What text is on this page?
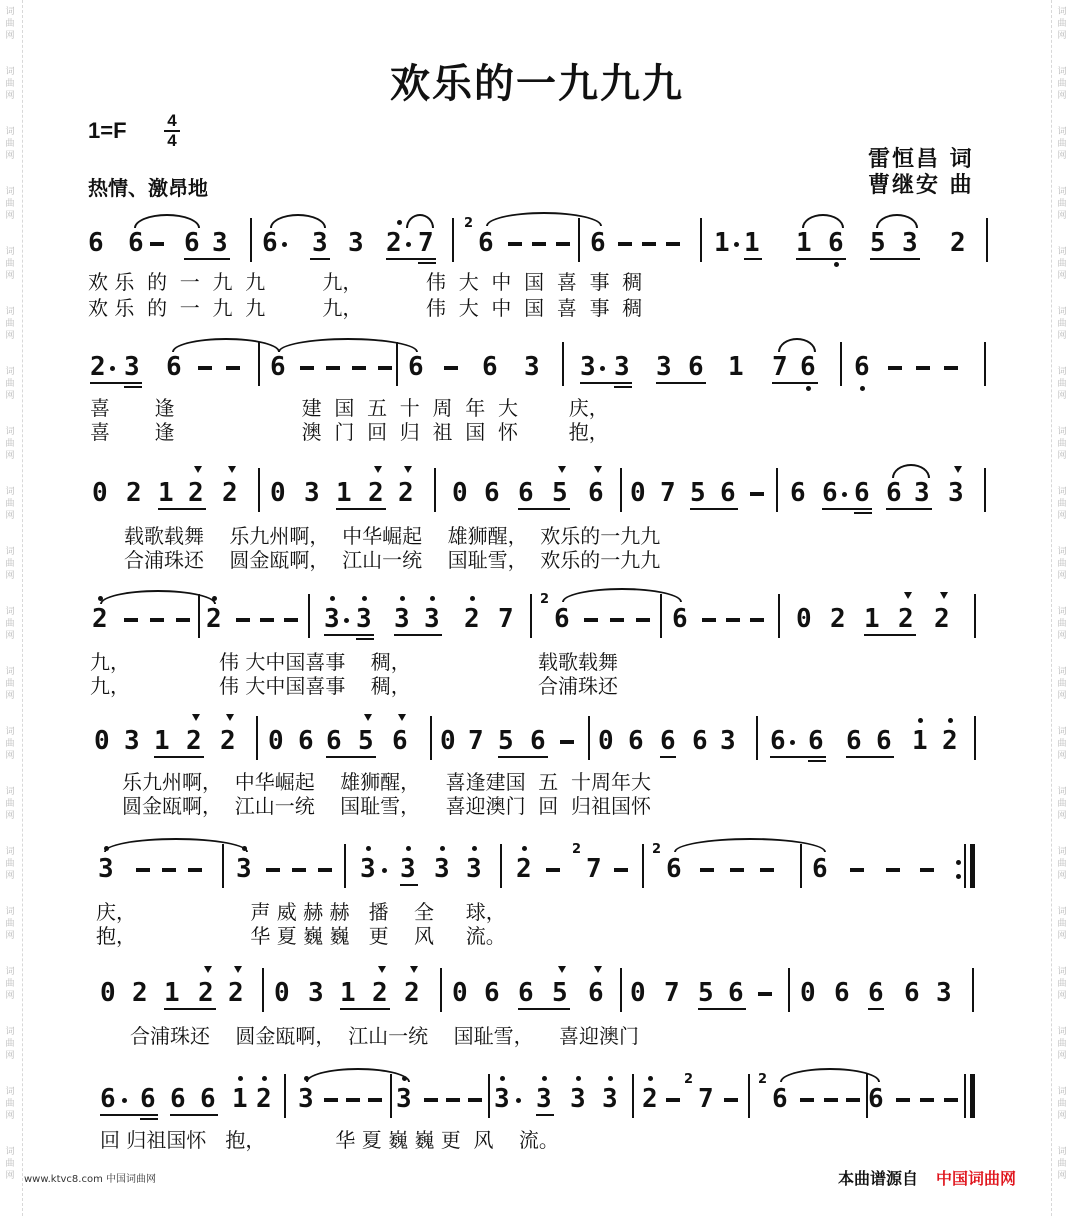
词
曲
网
词
曲
网
词
曲
网
词
曲
网
词
曲
网
词
曲
网
词
曲
网
词
曲
网
词
曲
网
词
曲
网
词
曲
网
词
曲
网
词
曲
网
词
曲
网
词
曲
网
词
曲
网
词
曲
网
词
曲
网
词
曲
网
词
曲
网
词
曲
网
词
曲
网
词
曲
网
词
曲
网
词
曲
网
词
曲
网
词
曲
网
词
曲
网
词
曲
网
词
曲
网
词
曲
网
词
曲
网
词
曲
网
词
曲
网
词
曲
网
词
曲
网
词
曲
网
词
曲
网
词
曲
网
词
曲
网
欢乐的一九九九
1=F	4
4
热情、激昂地
雷恒昌 词
曹继安 曲
6 6 6 3 6 3 3 2 7
2
6	6	1 1 1 6 5 3 2
欢 乐  的  一  九  九         九，          伟  大  中  国  喜  事  稠
欢 乐  的  一  九  九         九，          伟  大  中  国  喜  事  稠
2 3 6	6	6 6 3 3 3 3 6 1 7 6 6
喜       逢                    建  国  五  十  周  年  大        庆，
喜       逢                    澳  门  回  归  祖  国  怀        抱，
0 2 1 2 2 0 3 1 2 2 0 6 6 5 6 0 7 5 6 6 6 6 6 3 3
载歌载舞    乐九州啊，  中华崛起    雄狮醒，  欢乐的一九九
合浦珠还    圆金瓯啊，  江山一统    国耻雪，  欢乐的一九九
2	2	3 3 3 3 2 7
2
6	6	0 2 1 2 2
九，              伟 大中国喜事    稠，                    载歌载舞
九，              伟 大中国喜事    稠，                    合浦珠还
0 3 1 2 2 0 6 6 5 6 0 7 5 6 0 6 6 6 3 6 6 6 6 1 2
乐九州啊，  中华崛起    雄狮醒，    喜逢建国  五  十周年大
圆金瓯啊，  江山一统    国耻雪，    喜迎澳门  回  归祖国怀
3	3	3 3 3 3 2
2
7
2
6	6
庆，                  声 威 赫 赫   播    全     球，
抱，                  华 夏 巍 巍   更    风     流。
0 2 1 2 2 0 3 1 2 2 0 6 6 5 6 0 7 5 6 0 6 6 6 3
合浦珠还    圆金瓯啊，  江山一统    国耻雪，    喜迎澳门
6 6 6 6 1 2 3	3	3 3 3 3 2
2
7
2
6	6
回 归祖国怀   抱，           华 夏 巍 巍 更  风    流。
www.ktvc8.com 中国词曲网	本曲谱源自 中国词曲网
